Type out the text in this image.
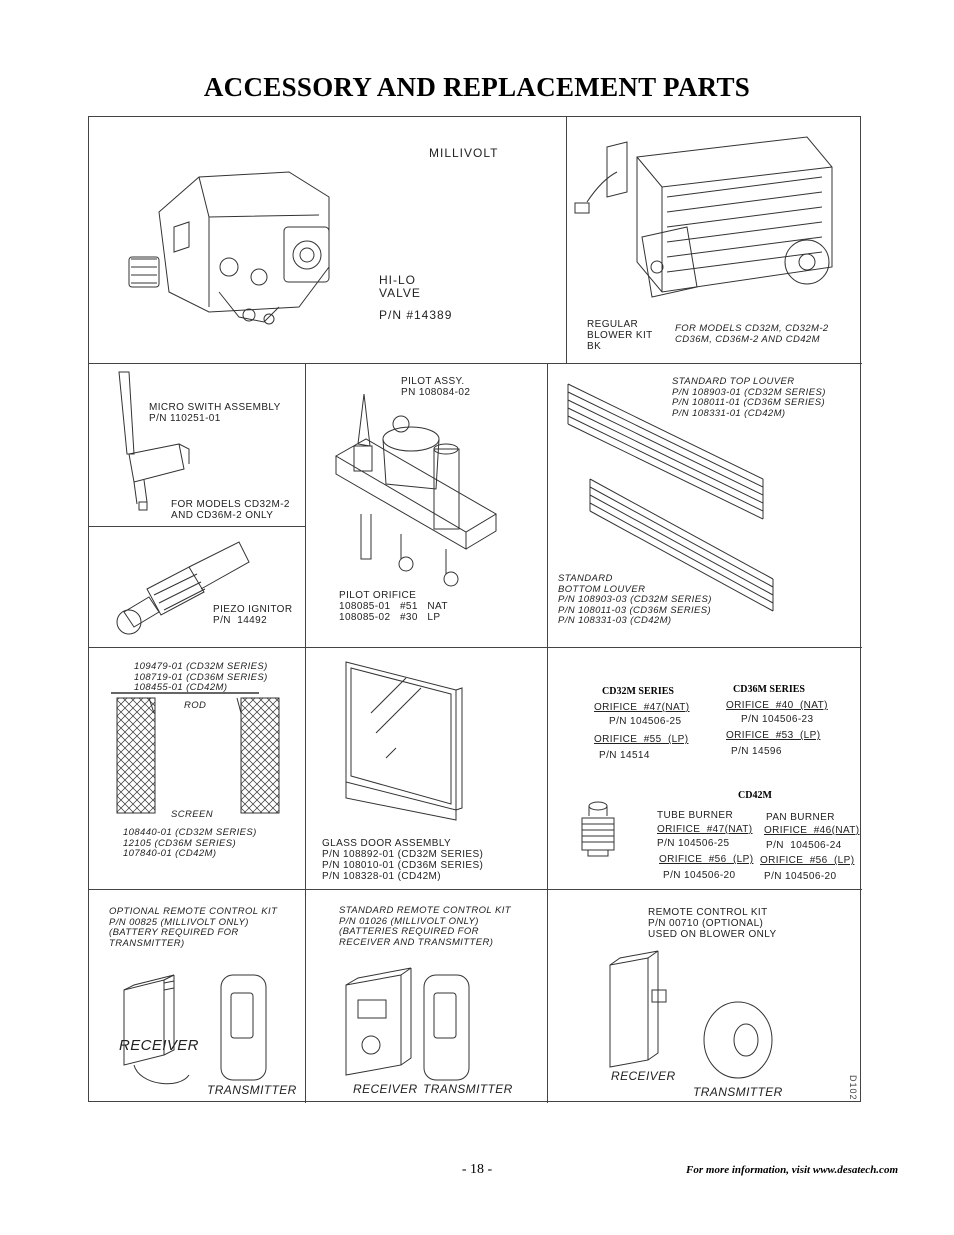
ACCESSORY AND REPLACEMENT PARTS
MILLIVOLT
HI-LO
VALVE
P/N #14389
REGULAR
BLOWER KIT
BK
FOR MODELS CD32M, CD32M-2
CD36M, CD36M-2 AND CD42M
MICRO SWITH ASSEMBLY
P/N 110251-01
FOR MODELS CD32M-2
AND CD36M-2 ONLY
PIEZO IGNITOR
P/N  14492
PILOT ASSY.
PN 108084-02
PILOT ORIFICE
108085-01   #51   NAT
108085-02   #30   LP
STANDARD TOP LOUVER
P/N 108903-01 (CD32M SERIES)
P/N 108011-01 (CD36M SERIES)
P/N 108331-01 (CD42M)
STANDARD
BOTTOM LOUVER
P/N 108903-03 (CD32M SERIES)
P/N 108011-03 (CD36M SERIES)
P/N 108331-03 (CD42M)
109479-01 (CD32M SERIES)
108719-01 (CD36M SERIES)
108455-01 (CD42M)
ROD
SCREEN
108440-01 (CD32M SERIES)
12105 (CD36M SERIES)
107840-01 (CD42M)
GLASS DOOR ASSEMBLY
P/N 108892-01 (CD32M SERIES)
P/N 108010-01 (CD36M SERIES)
P/N 108328-01 (CD42M)
CD32M SERIES
ORIFICE  #47(NAT)
P/N 104506-25
ORIFICE  #55  (LP)
P/N 14514
CD36M SERIES
ORIFICE  #40  (NAT)
P/N 104506-23
ORIFICE  #53  (LP)
P/N 14596
CD42M
TUBE BURNER
ORIFICE  #47(NAT)
P/N 104506-25
ORIFICE  #56  (LP)
P/N 104506-20
PAN BURNER
ORIFICE  #46(NAT)
P/N  104506-24
ORIFICE  #56  (LP)
P/N 104506-20
OPTIONAL REMOTE CONTROL KIT
P/N 00825 (MILLIVOLT ONLY)
(BATTERY REQUIRED FOR
TRANSMITTER)
RECEIVER
TRANSMITTER
STANDARD REMOTE CONTROL KIT
P/N 01026 (MILLIVOLT ONLY)
(BATTERIES REQUIRED FOR
RECEIVER AND TRANSMITTER)
RECEIVER TRANSMITTER
REMOTE CONTROL KIT
P/N 00710 (OPTIONAL)
USED ON BLOWER ONLY
RECEIVER
TRANSMITTER	D102
- 18 -	For more information, visit www.desatech.com
